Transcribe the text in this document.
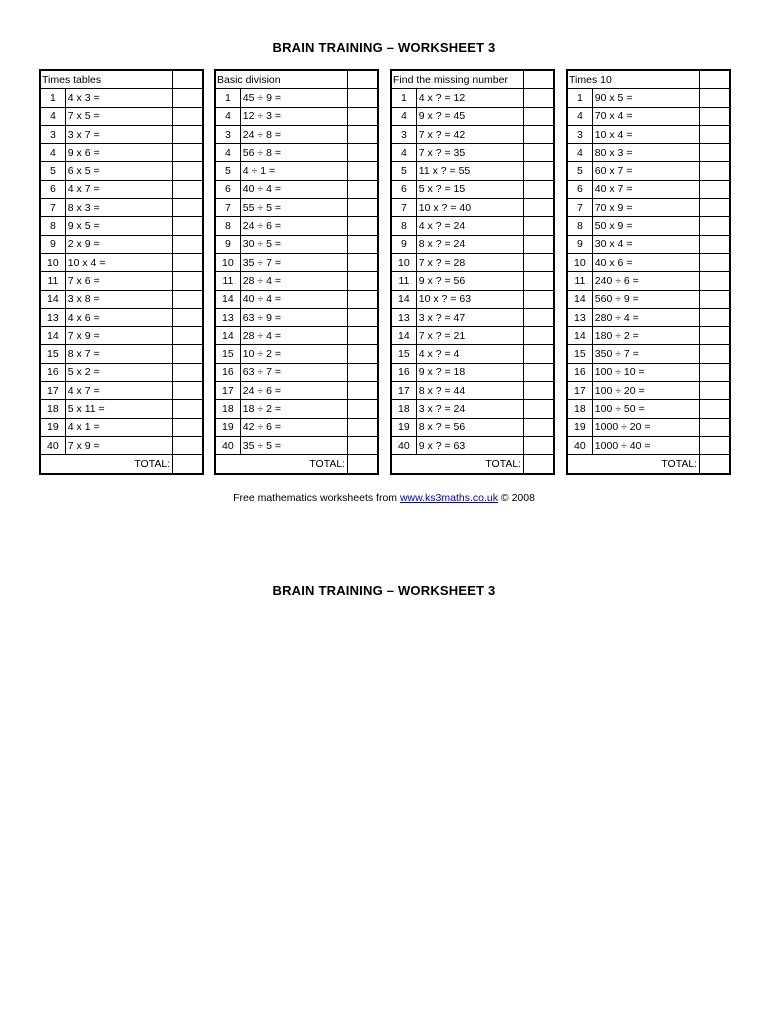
BRAIN TRAINING – WORKSHEET 3
Times tables		
1	4 x 3 =	
4	7 x 5 =	
3	3 x 7 =	
4	9 x 6 =	
5	6 x 5 =	
6	4 x 7 =	
7	8 x 3 =	
8	9 x 5 =	
9	2 x 9 =	
10	10 x 4 =	
11	7 x 6 =	
14	3 x 8 =	
13	4 x 6 =	
14	7 x 9 =	
15	8 x 7 =	
16	5 x 2 =	
17	4 x 7 =	
18	5 x 11 =	
19	4 x 1 =	
40	7 x 9 =	
TOTAL:		
Basic division		
1	45 ÷ 9 =	
4	12 ÷ 3 =	
3	24 ÷ 8 =	
4	56 ÷ 8 =	
5	4 ÷ 1 =	
6	40 ÷ 4 =	
7	55 ÷ 5 =	
8	24 ÷ 6 =	
9	30 ÷ 5 =	
10	35 ÷ 7 =	
11	28 ÷ 4 =	
14	40 ÷ 4 =	
13	63 ÷ 9 =	
14	28 ÷ 4 =	
15	10 ÷ 2 =	
16	63 ÷ 7 =	
17	24 ÷ 6 =	
18	18 ÷ 2 =	
19	42 ÷ 6 =	
40	35 ÷ 5 =	
TOTAL:		
Find the missing number		
1	4 x ? = 12	
4	9 x ? = 45	
3	7 x ? = 42	
4	7 x ? = 35	
5	11 x ? = 55	
6	5 x ? = 15	
7	10 x ? = 40	
8	4 x ? = 24	
9	8 x ? = 24	
10	7 x ? = 28	
11	9 x ? = 56	
14	10 x ? = 63	
13	3 x ? = 47	
14	7 x ? = 21	
15	4 x ? = 4	
16	9 x ? = 18	
17	8 x ? = 44	
18	3 x ? = 24	
19	8 x ? = 56	
40	9 x ? = 63	
TOTAL:		
Times 10		
1	90 x 5 =	
4	70 x 4 =	
3	10 x 4 =	
4	80 x 3 =	
5	60 x 7 =	
6	40 x 7 =	
7	70 x 9 =	
8	50 x 9 =	
9	30 x 4 =	
10	40 x 6 =	
11	240 ÷ 6 =	
14	560 ÷ 9 =	
13	280 ÷ 4 =	
14	180 ÷ 2 =	
15	350 ÷ 7 =	
16	100 ÷ 10 =	
17	100 ÷ 20 =	
18	100 ÷ 50 =	
19	1000 ÷ 20 =	
40	1000 ÷ 40 =	
TOTAL:		
Free mathematics worksheets from www.ks3maths.co.uk © 2008
BRAIN TRAINING – WORKSHEET 3
